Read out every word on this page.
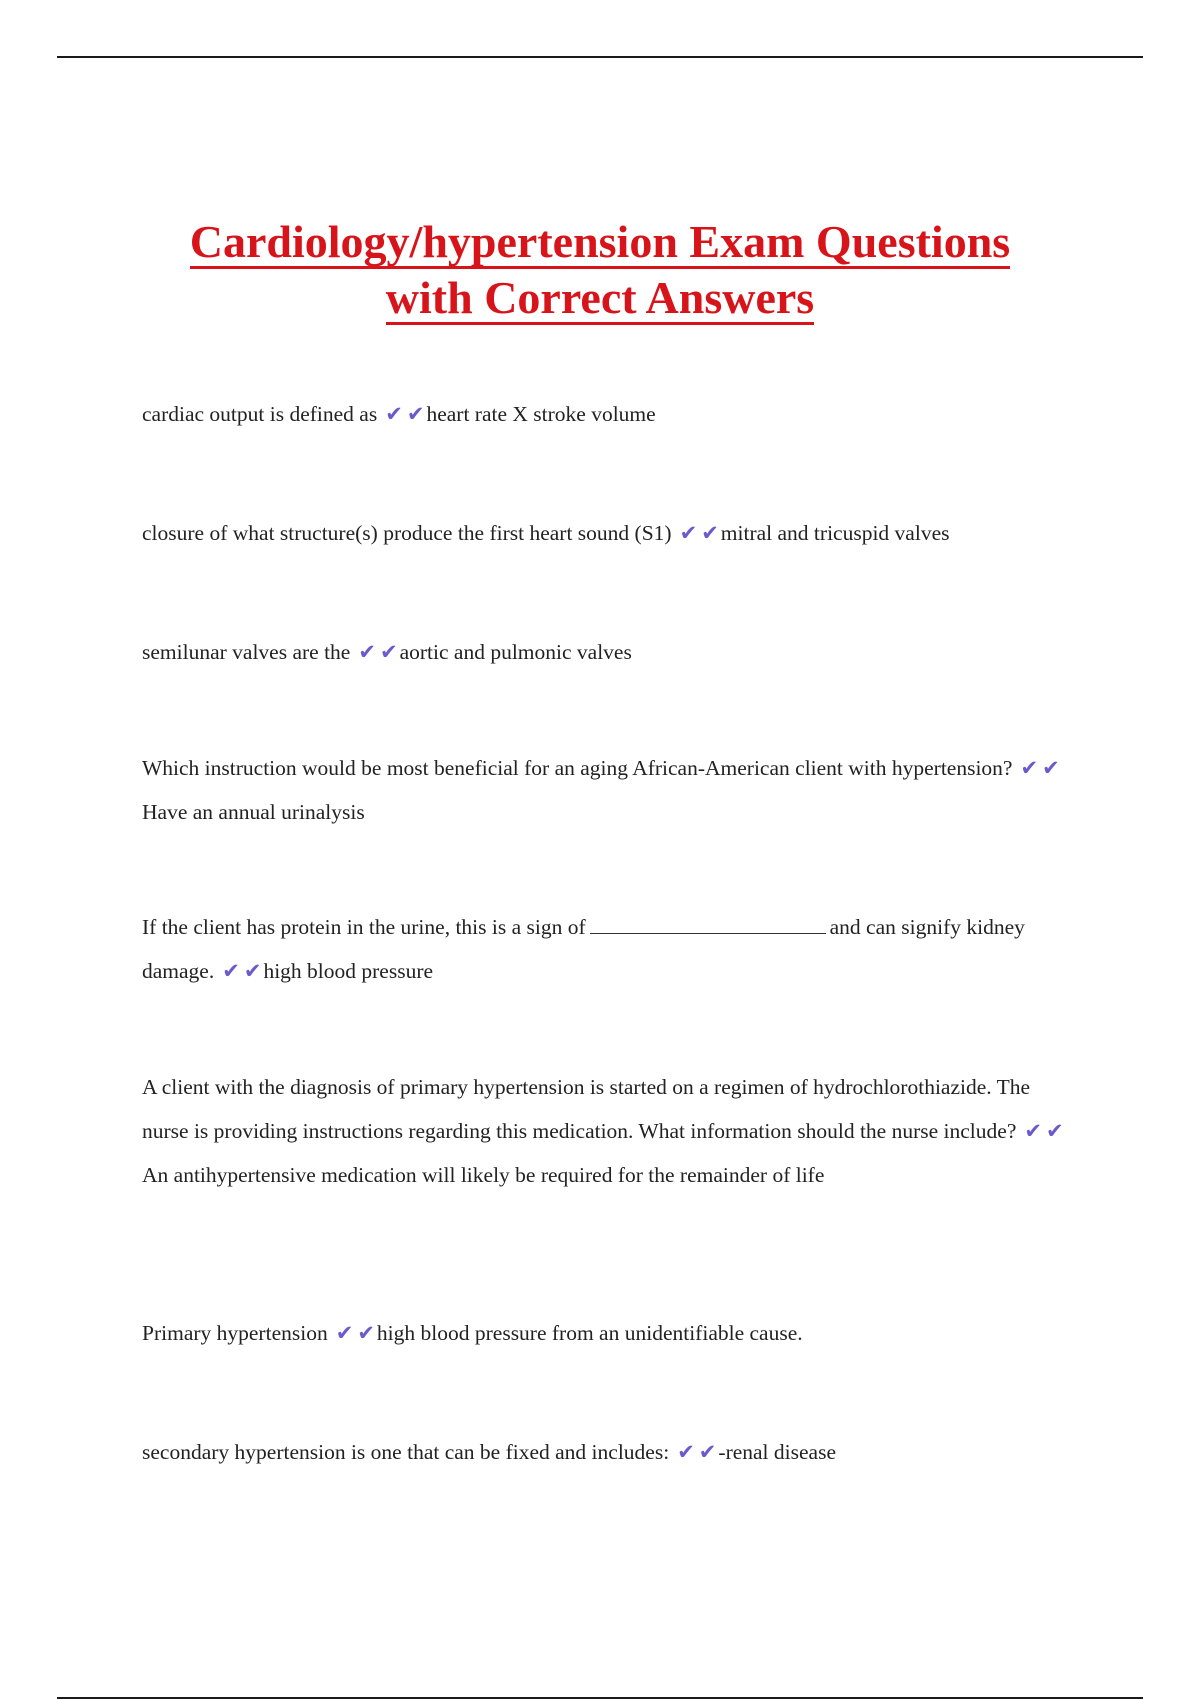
Cardiology/hypertension Exam Questions
with Correct Answers
cardiac output is defined as ✔ ✔heart rate X stroke volume
closure of what structure(s) produce the first heart sound (S1) ✔ ✔mitral and tricuspid valves
semilunar valves are the ✔ ✔aortic and pulmonic valves
Which instruction would be most beneficial for an aging African-American client with hypertension? ✔ ✔Have an annual urinalysis
If the client has protein in the urine, this is a sign of	and can signify kidney damage. ✔ ✔high blood pressure
A client with the diagnosis of primary hypertension is started on a regimen of hydrochlorothiazide. The nurse is providing instructions regarding this medication. What information should the nurse include? ✔ ✔An antihypertensive medication will likely be required for the remainder of life
Primary hypertension ✔ ✔high blood pressure from an unidentifiable cause.
secondary hypertension is one that can be fixed and includes: ✔ ✔-renal disease
